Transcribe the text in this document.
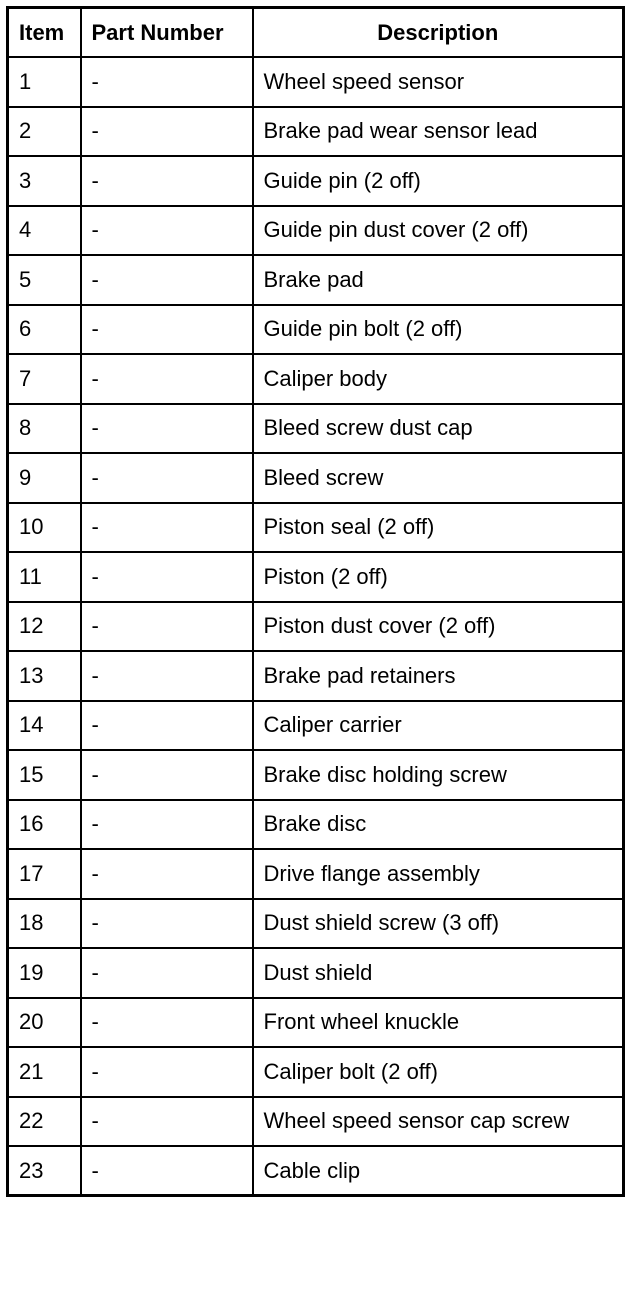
Item	Part Number	Description
1	-	Wheel speed sensor
2	-	Brake pad wear sensor lead
3	-	Guide pin (2 off)
4	-	Guide pin dust cover (2 off)
5	-	Brake pad
6	-	Guide pin bolt (2 off)
7	-	Caliper body
8	-	Bleed screw dust cap
9	-	Bleed screw
10	-	Piston seal (2 off)
11	-	Piston (2 off)
12	-	Piston dust cover (2 off)
13	-	Brake pad retainers
14	-	Caliper carrier
15	-	Brake disc holding screw
16	-	Brake disc
17	-	Drive flange assembly
18	-	Dust shield screw (3 off)
19	-	Dust shield
20	-	Front wheel knuckle
21	-	Caliper bolt (2 off)
22	-	Wheel speed sensor cap screw
23	-	Cable clip
